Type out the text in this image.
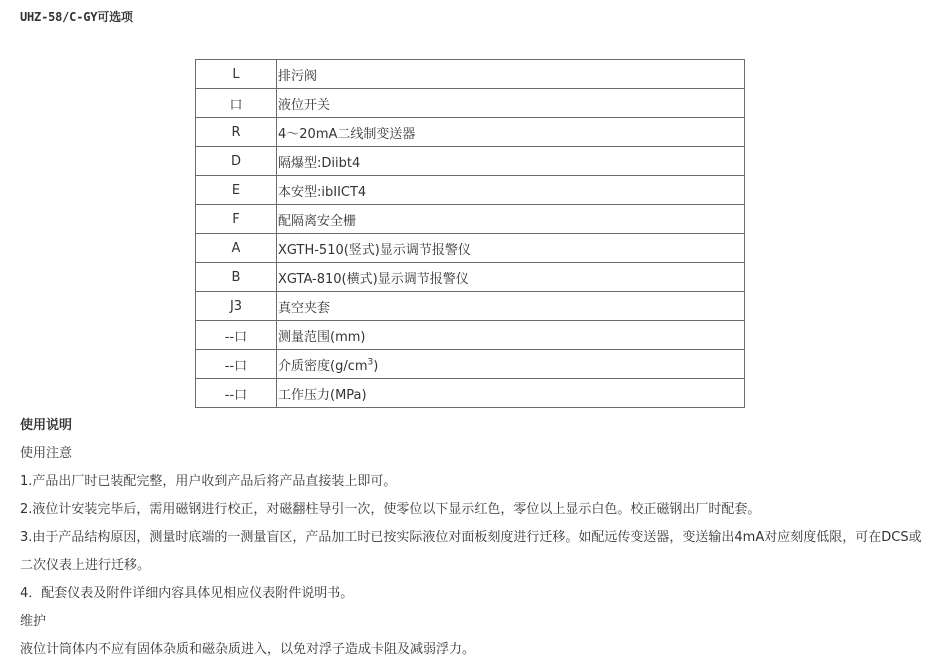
UHZ-58/C-GY可选项
L	排污阀
口	液位开关
R	4～20mA二线制变送器
D	隔爆型:Diibt4
E	本安型:ibIICT4
F	配隔离安全栅
A	XGTH-510(竖式)显示调节报警仪
B	XGTA-810(横式)显示调节报警仪
J3	真空夹套
--口	测量范围(mm)
--口	介质密度$(g/cm^3)$
--口	工作压力(MPa)

使用说明

使用注意

1.产品出厂时已装配完整，用户收到产品后将产品直接装上即可。

2.液位计安装完毕后，需用磁钢进行校正，对磁翻柱导引一次，使零位以下显示红色，零位以上显示白色。校正磁钢出厂时配套。

3.由于产品结构原因，测量时底端的一测量盲区，产品加工时已按实际液位对面板刻度进行迁移。如配远传变送器，变送输出4mA对应刻度低限，可在DCS或二次仪表上进行迁移。

4．配套仪表及附件详细内容具体见相应仪表附件说明书。

维护

液位计筒体内不应有固体杂质和磁杂质进入，以免对浮子造成卡阻及减弱浮力。
